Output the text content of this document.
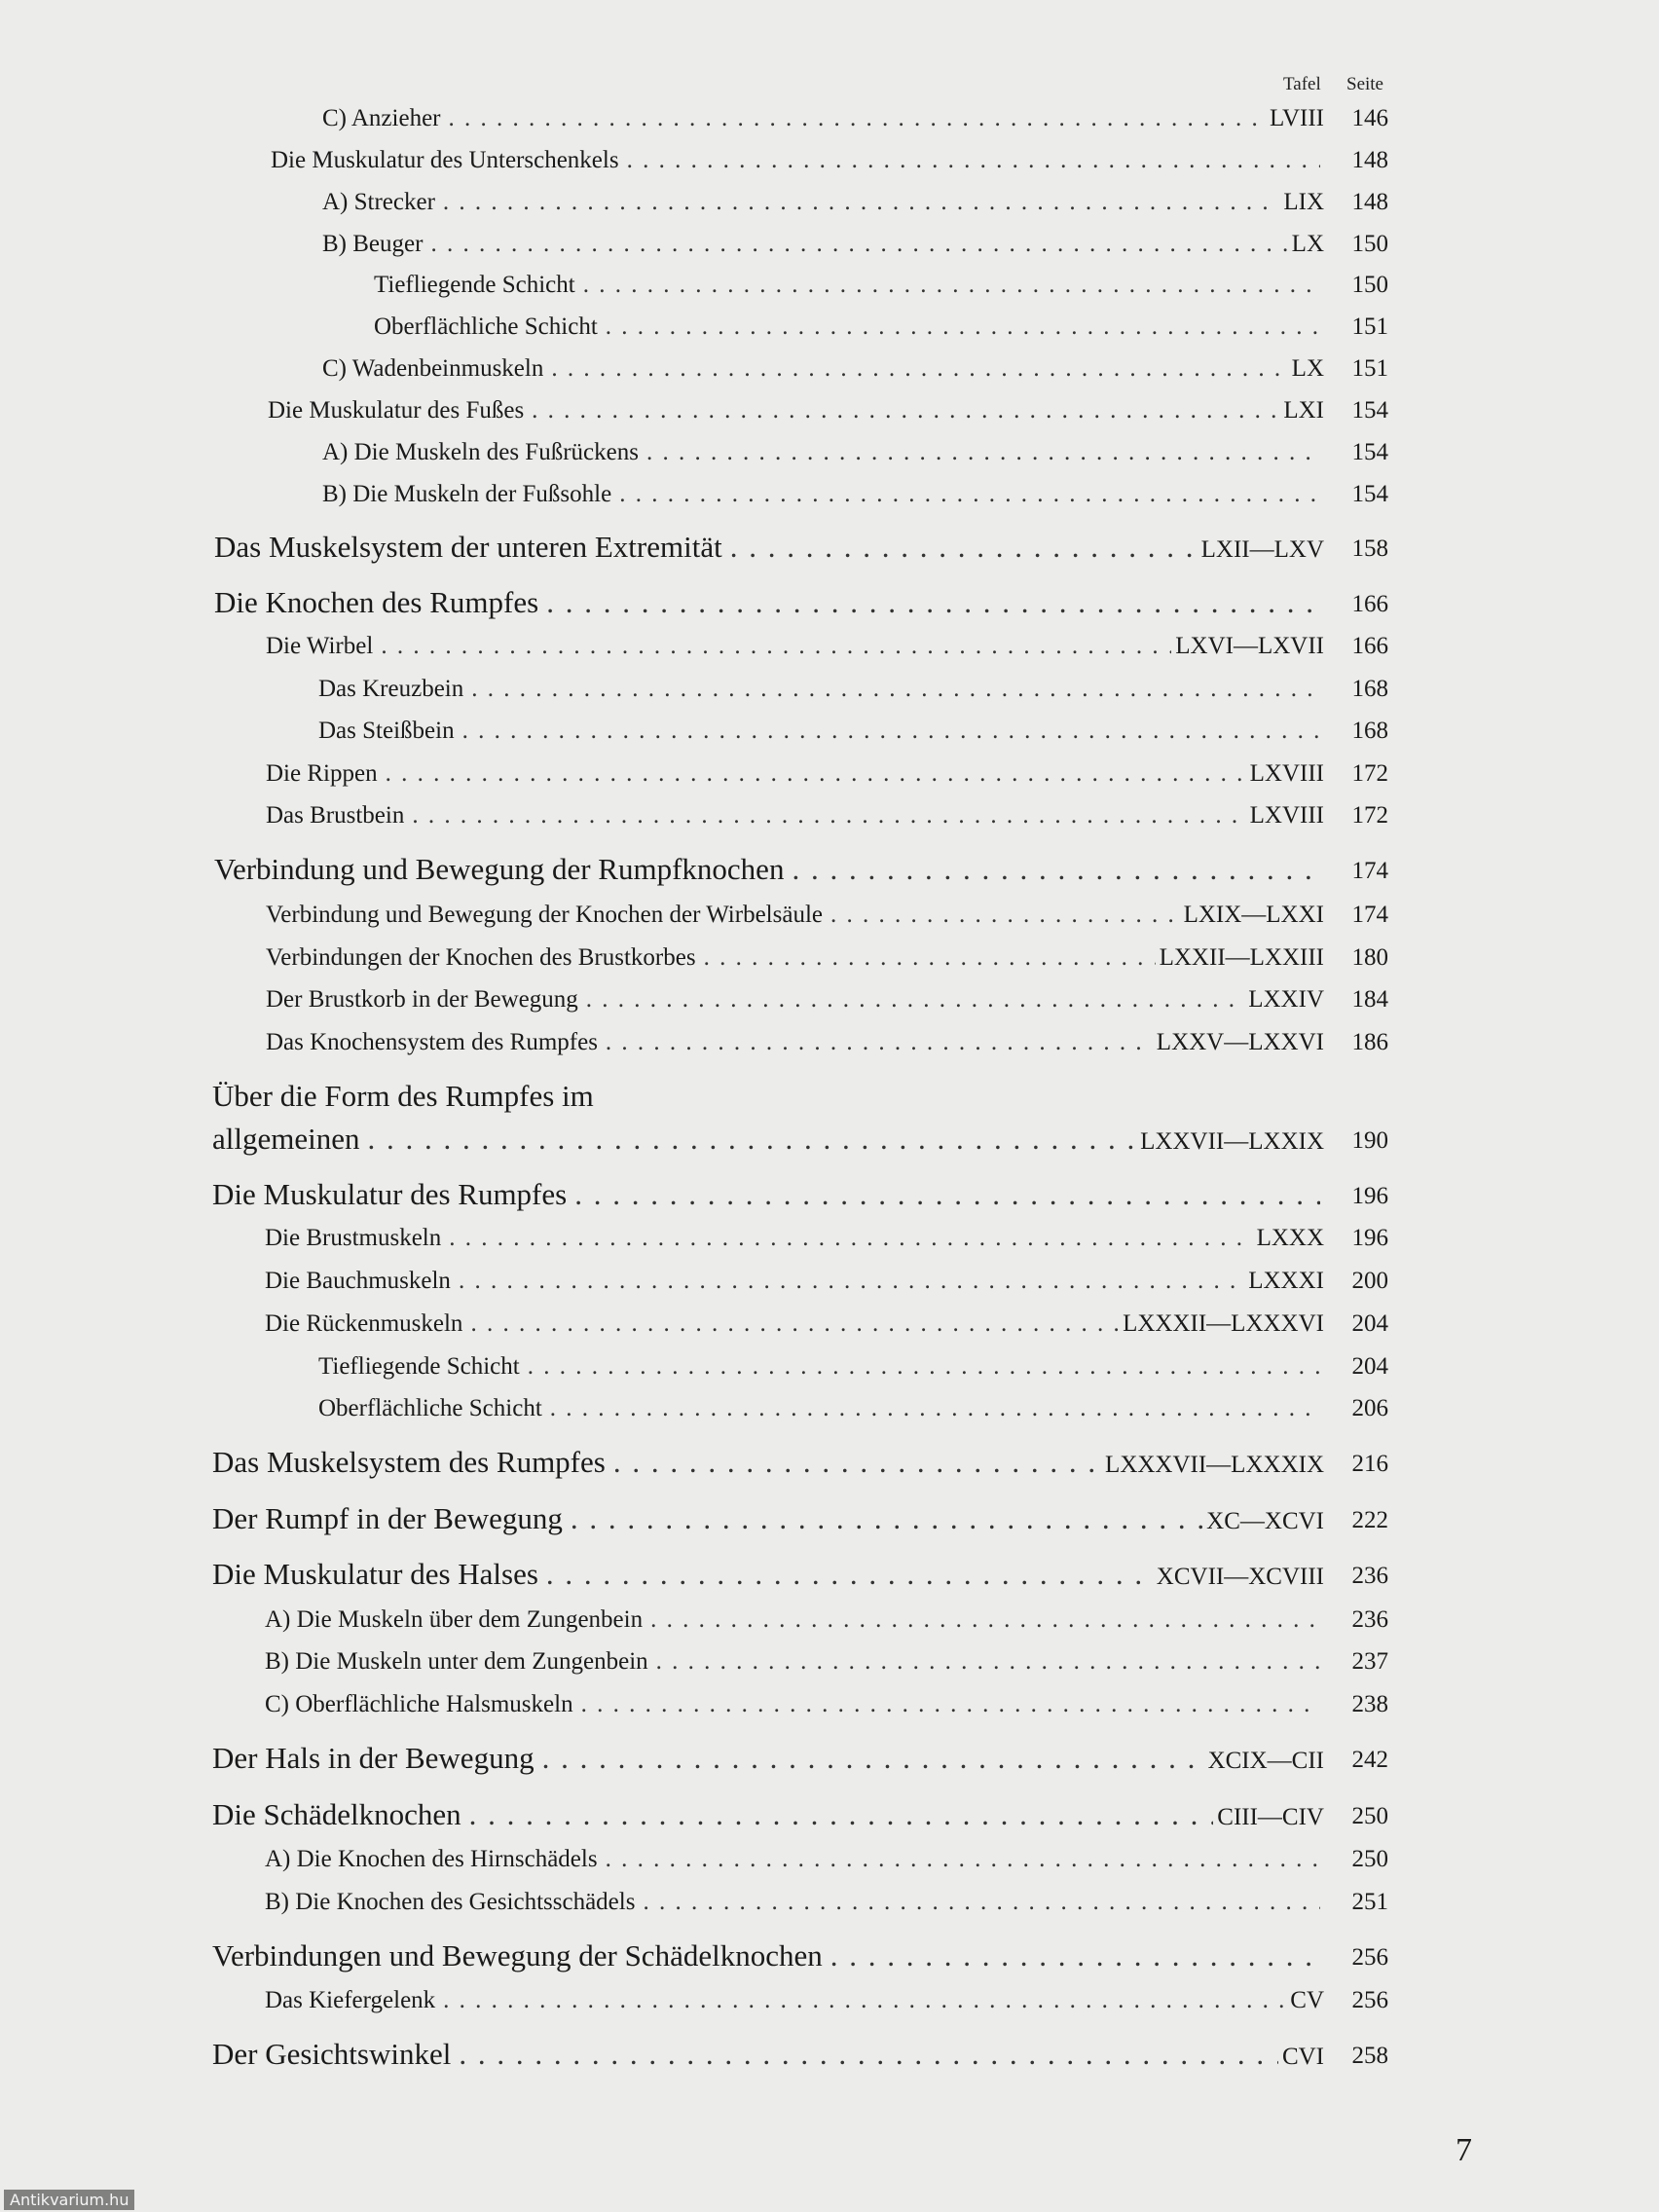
Tafel Seite
C) Anzieher . . .	LVIII	146
Die Muskulatur des Unterschenkels . . .	148
A) Strecker . . .	LIX	148
B) Beuger . . .	LX	150
Tiefliegende Schicht . . .	150
Oberflächliche Schicht . . .	151
C) Wadenbeinmuskeln . . .	LX	151
Die Muskulatur des Fußes . . .	LXI	154
A) Die Muskeln des Fußrückens . . .	154
B) Die Muskeln der Fußsohle . . .	154
Das Muskelsystem der unteren Extremität . . .	LXII—LXV	158
Die Knochen des Rumpfes . . .	166
Die Wirbel . . .	LXVI—LXVII	166
Das Kreuzbein . . .	168
Das Steißbein . . .	168
Die Rippen . . .	LXVIII	172
Das Brustbein . . .	LXVIII	172
Verbindung und Bewegung der Rumpfknochen . . .	174
Verbindung und Bewegung der Knochen der Wirbelsäule . . .	LXIX—LXXI	174
Verbindungen der Knochen des Brustkorbes . . .	LXXII—LXXIII	180
Der Brustkorb in der Bewegung . . .	LXXIV	184
Das Knochensystem des Rumpfes . . .	LXXV—LXXVI	186
Über die Form des Rumpfes im
allgemeinen . . .	LXXVII—LXXIX	190
Die Muskulatur des Rumpfes . . .	196
Die Brustmuskeln . . .	LXXX	196
Die Bauchmuskeln . . .	LXXXI	200
Die Rückenmuskeln . . .	LXXXII—LXXXVI	204
Tiefliegende Schicht . . .	204
Oberflächliche Schicht . . .	206
Das Muskelsystem des Rumpfes . . .	LXXXVII—LXXXIX	216
Der Rumpf in der Bewegung . . .	XC—XCVI	222
Die Muskulatur des Halses . . .	XCVII—XCVIII	236
A) Die Muskeln über dem Zungenbein . . .	236
B) Die Muskeln unter dem Zungenbein . . .	237
C) Oberflächliche Halsmuskeln . . .	238
Der Hals in der Bewegung . . .	XCIX—CII	242
Die Schädelknochen . . .	CIII—CIV	250
A) Die Knochen des Hirnschädels . . .	250
B) Die Knochen des Gesichtsschädels . . .	251
Verbindungen und Bewegung der Schädelknochen . . .	256
Das Kiefergelenk . . .	CV	256
Der Gesichtswinkel . . .	CVI	258
7
Antikvarium.hu
